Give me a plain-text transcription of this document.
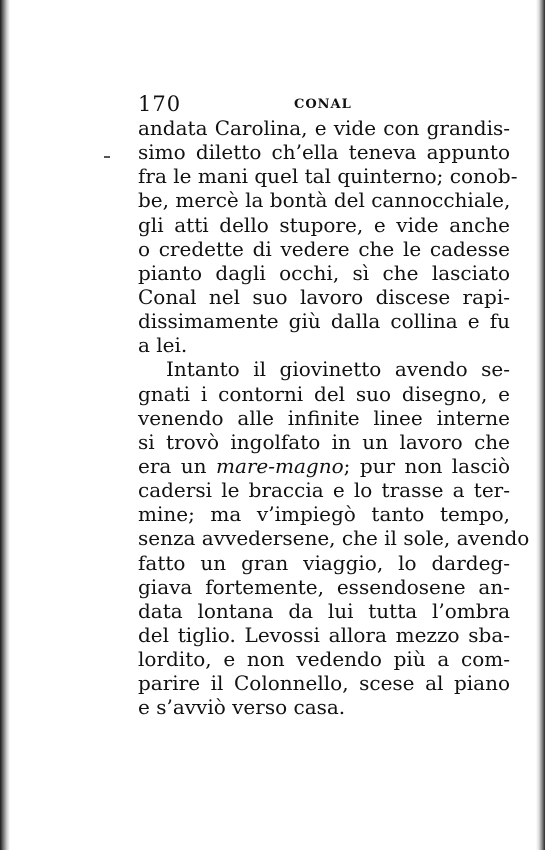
170	CONAL
andata Carolina, e vide con grandis-
simo diletto ch’ella teneva appunto
fra le mani quel tal quinterno; conob-
be, mercè la bontà del cannocchiale,
gli atti dello stupore, e vide anche
o credette di vedere che le cadesse
pianto dagli occhi, sì che lasciato
Conal nel suo lavoro discese rapi-
dissimamente giù dalla collina e fu
a lei.
Intanto il giovinetto avendo se-
gnati i contorni del suo disegno, e
venendo alle infinite linee interne
si trovò ingolfato in un lavoro che
era un mare-magno; pur non lasciò
cadersi le braccia e lo trasse a ter-
mine; ma v’impiegò tanto tempo,
senza avvedersene, che il sole, avendo
fatto un gran viaggio, lo dardeg-
giava fortemente, essendosene an-
data lontana da lui tutta l’ombra
del tiglio. Levossi allora mezzo sba-
lordito, e non vedendo più a com-
parire il Colonnello, scese al piano
e s’avviò verso casa.
